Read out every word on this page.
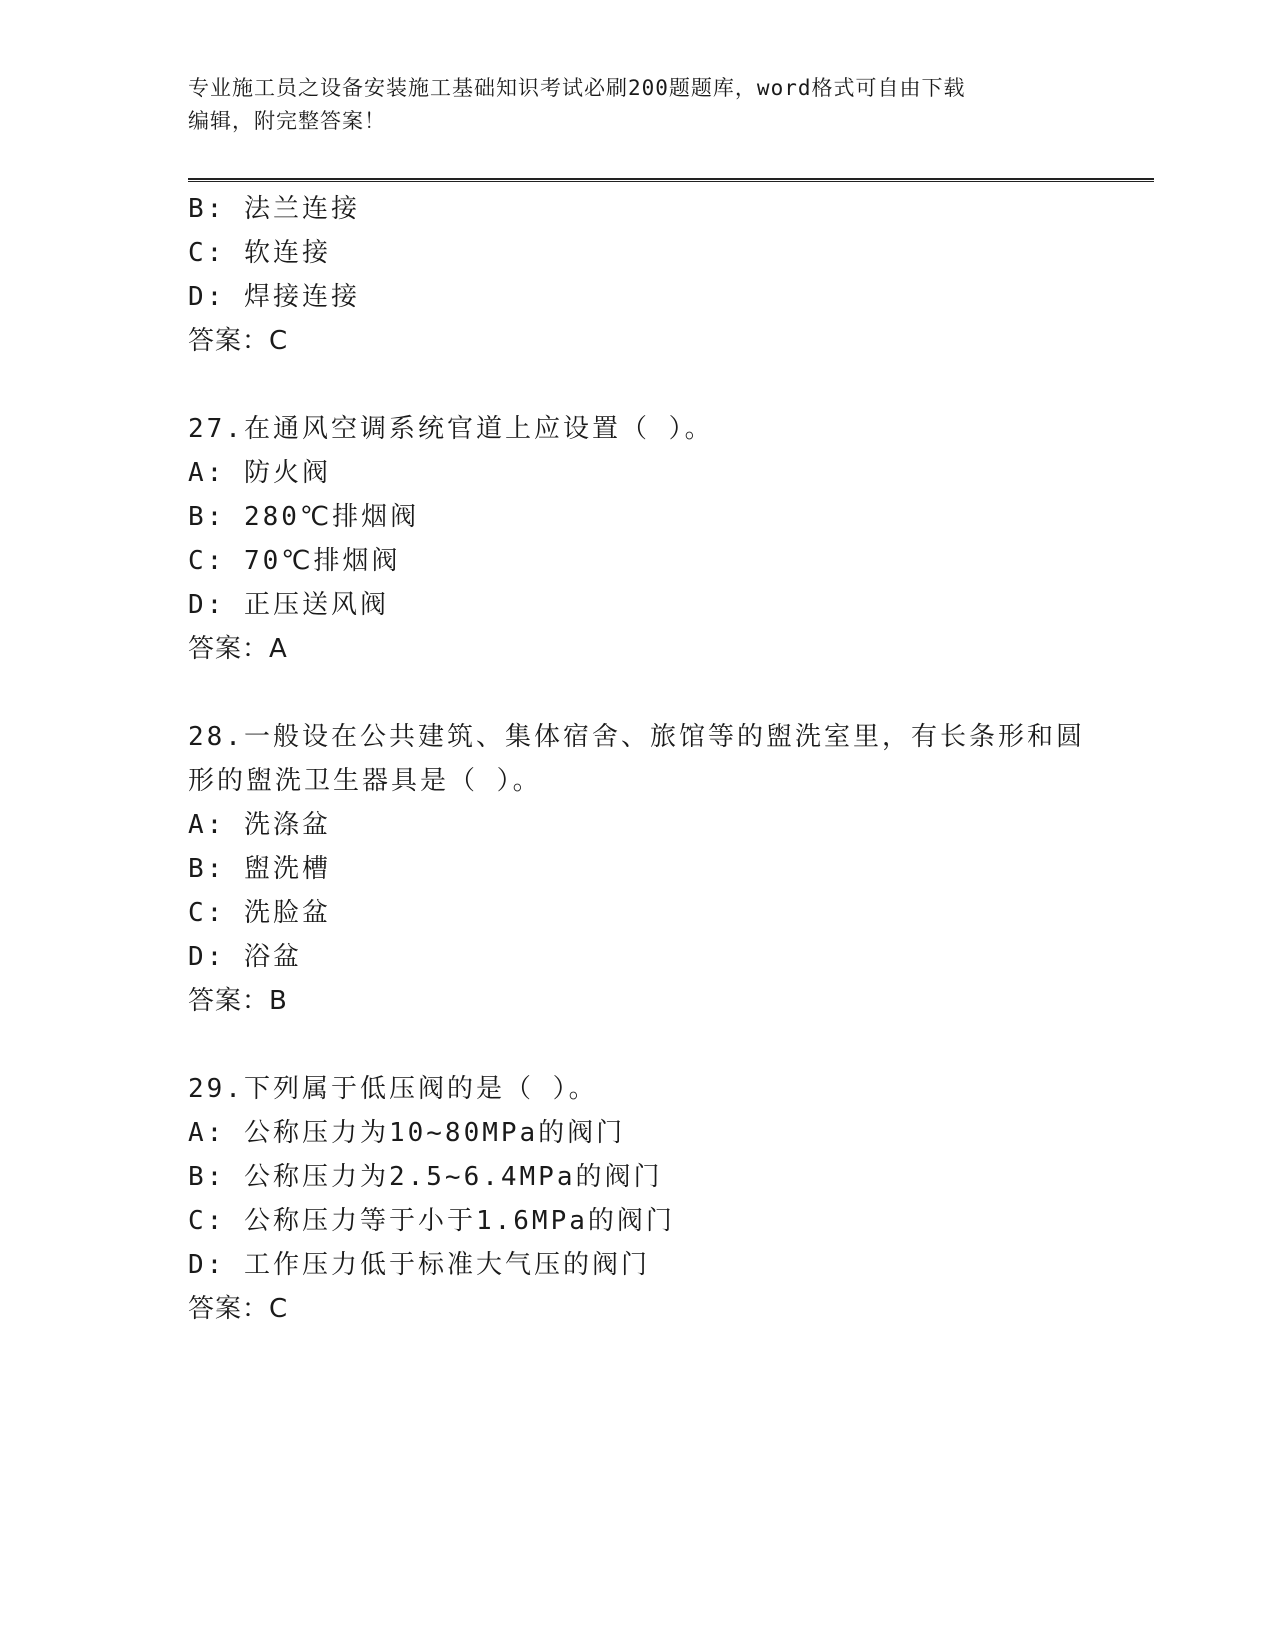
专业施工员之设备安装施工基础知识考试必刷200题题库，word格式可自由下载
编辑，附完整答案！
B: 法兰连接
C: 软连接
D: 焊接连接
答案：C
27.在通风空调系统官道上应设置（ ）。
A: 防火阀
B: 280℃排烟阀
C: 70℃排烟阀
D: 正压送风阀
答案：A
28.一般设在公共建筑、集体宿舍、旅馆等的盥洗室里，有长条形和圆
形的盥洗卫生器具是（ ）。
A: 洗涤盆
B: 盥洗槽
C: 洗脸盆
D: 浴盆
答案：B
29.下列属于低压阀的是（ ）。
A: 公称压力为10~80MPa的阀门
B: 公称压力为2.5~6.4MPa的阀门
C: 公称压力等于小于1.6MPa的阀门
D: 工作压力低于标准大气压的阀门
答案：C
